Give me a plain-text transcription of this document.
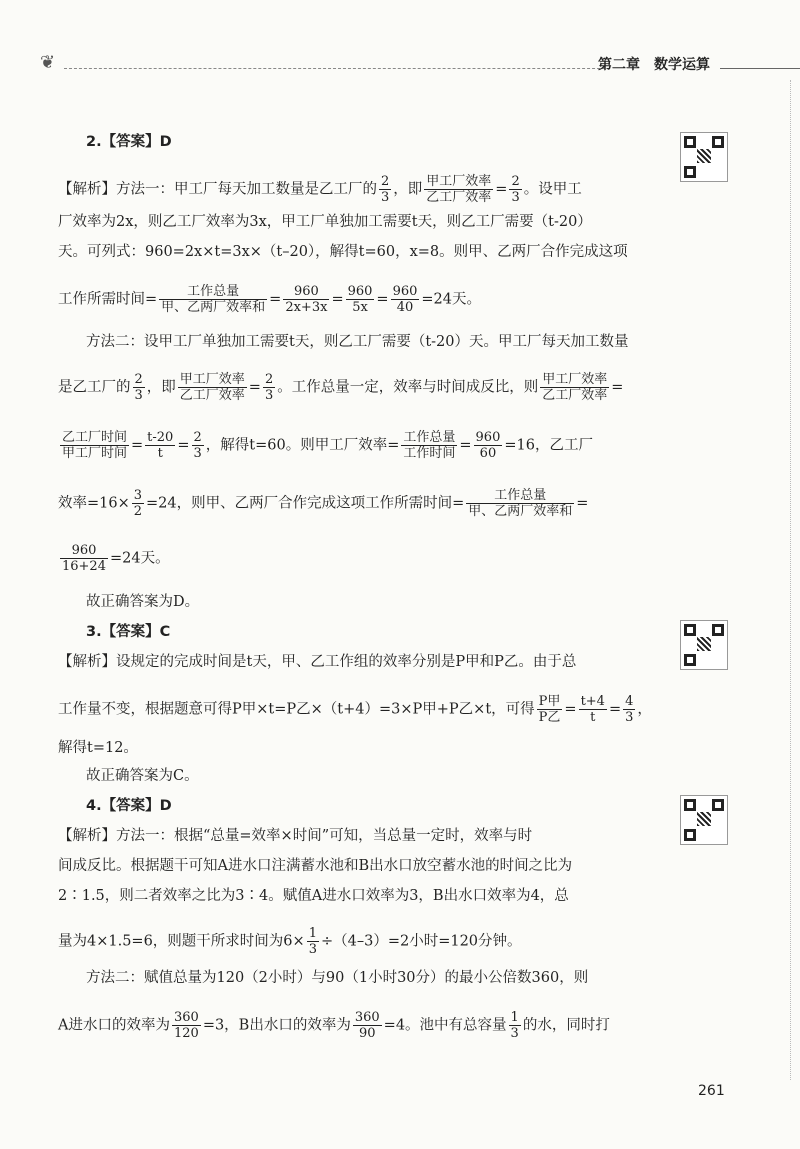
❦	第二章　数学运算
2.【答案】D
【解析】方法一：甲工厂每天加工数量是乙工厂的 $\frac{2}{3}$ ，即 $\frac{\text{甲工厂效率}}{\text{乙工厂效率}} = \frac{2}{3}$ 。设甲工
厂效率为2x，则乙工厂效率为3x，甲工厂单独加工需要t天，则乙工厂需要（t-20）
天。可列式：960=2x×t=3x×（t–20），解得t=60，x=8。则甲、乙两厂合作完成这项
工作所需时间= $\frac{\text{工作总量}}{\text{甲、乙两厂效率和}} = \frac{960}{2x+3x} = \frac{960}{5x} = \frac{960}{40} =24$天。
方法二：设甲工厂单独加工需要t天，则乙工厂需要（t-20）天。甲工厂每天加工数量
是乙工厂的 $\frac{2}{3}$ ，即 $\frac{\text{甲工厂效率}}{\text{乙工厂效率}} = \frac{2}{3}$ 。工作总量一定，效率与时间成反比，则 $\frac{\text{甲工厂效率}}{\text{乙工厂效率}}$ =
$\frac{\text{乙工厂时间}}{\text{甲工厂时间}} = \frac{t-20}{t} = \frac{2}{3}$ ，解得t=60。则甲工厂效率= $\frac{\text{工作总量}}{\text{工作时间}} = \frac{960}{60} =16$，乙工厂
效率$=16\times \frac{3}{2} =24$，则甲、乙两厂合作完成这项工作所需时间= $\frac{\text{工作总量}}{\text{甲、乙两厂效率和}}$ =
$\frac{960}{16+24} =24$天。
故正确答案为D。
3.【答案】C
【解析】设规定的完成时间是t天，甲、乙工作组的效率分别是P甲和P乙。由于总
工作量不变，根据题意可得P甲×t=P乙×（t+4）=3×P甲+P乙×t，可得 $\frac{\text{P甲}}{\text{P乙}} = \frac{t+4}{t} = \frac{4}{3}$ ，
解得t=12。
故正确答案为C。
4.【答案】D
【解析】方法一：根据“总量=效率×时间”可知，当总量一定时，效率与时
间成反比。根据题干可知A进水口注满蓄水池和B出水口放空蓄水池的时间之比为
2∶1.5，则二者效率之比为3∶4。赋值A进水口效率为3，B出水口效率为4，总
量为4×1.5=6，则题干所求时间为$6\times \frac{1}{3} \div(4-3)=2$小时=120分钟。
方法二：赋值总量为120（2小时）与90（1小时30分）的最小公倍数360，则
A进水口的效率为 $\frac{360}{120} =3$，B出水口的效率为 $\frac{360}{90} =4$。池中有总容量 $\frac{1}{3}$ 的水，同时打
261
